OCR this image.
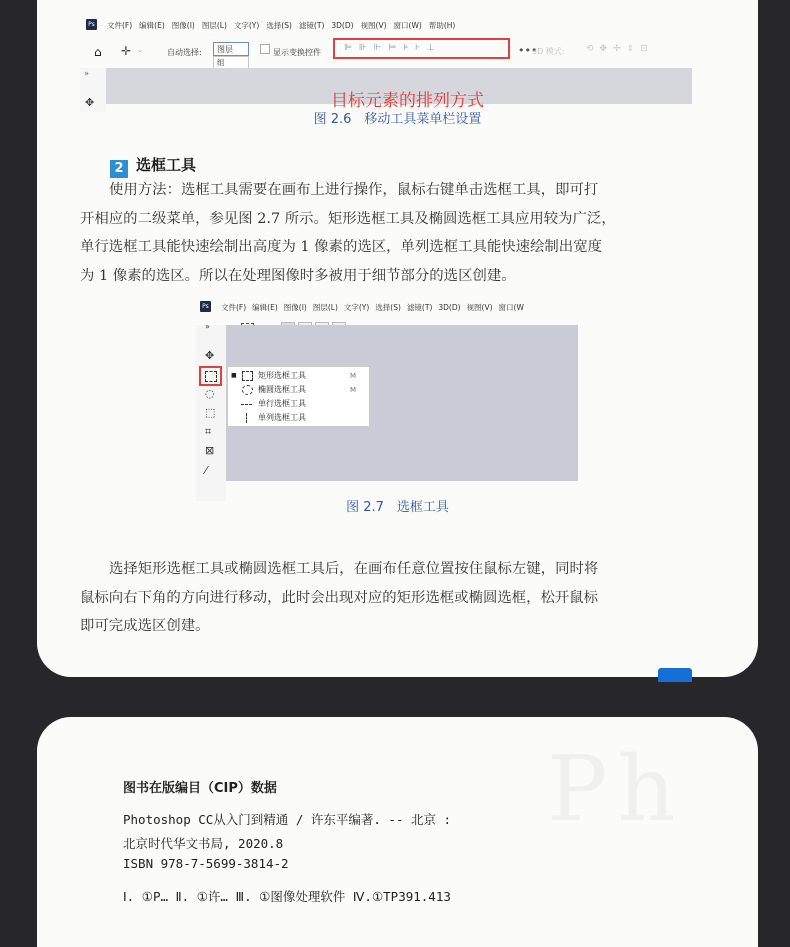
Ps 文件(F) 编辑(E) 图像(I) 图层(L) 文字(Y) 选择(S) 滤镜(T) 3D(D) 视图(V) 窗口(W) 帮助(H)
⌂ ✛ ⌄	自动选择:	图层
组
显示变换控件	⊫⊪⊩⊨⊧⊦⊥	•••
3D 模式: ⟲✥✢⇳⊡
»
✥	目标元素的排列方式
图 2.6　移动工具菜单栏设置
2 选框工具
使用方法：选框工具需要在画布上进行操作，鼠标右键单击选框工具，即可打
开相应的二级菜单，参见图 2.7 所示。矩形选框工具及椭圆选框工具应用较为广泛，
单行选框工具能快速绘制出高度为 1 像素的选区，单列选框工具能快速绘制出宽度
为 1 像素的选区。所以在处理图像时多被用于细节部分的选区创建。
Ps 文件(F) 编辑(E) 图像(I) 图层(L) 文字(Y) 选择(S) 滤镜(T) 3D(D) 视图(V) 窗口(W
»
✥
◌
⬚
⌗
⊠
⁄
■	矩形选框工具	M
椭圆选框工具	M
单行选框工具
单列选框工具
图 2.7　选框工具
选择矩形选框工具或椭圆选框工具后，在画布任意位置按住鼠标左键，同时将
鼠标向右下角的方向进行移动，此时会出现对应的矩形选框或椭圆选框，松开鼠标
即可完成选区创建。
Ph
图书在版编目（CIP）数据
Photoshop CC从入门到精通 / 许东平编著. -- 北京 :
北京时代华文书局, 2020.8
ISBN 978-7-5699-3814-2
Ⅰ. ①P… Ⅱ. ①许… Ⅲ. ①图像处理软件 Ⅳ.①TP391.413
